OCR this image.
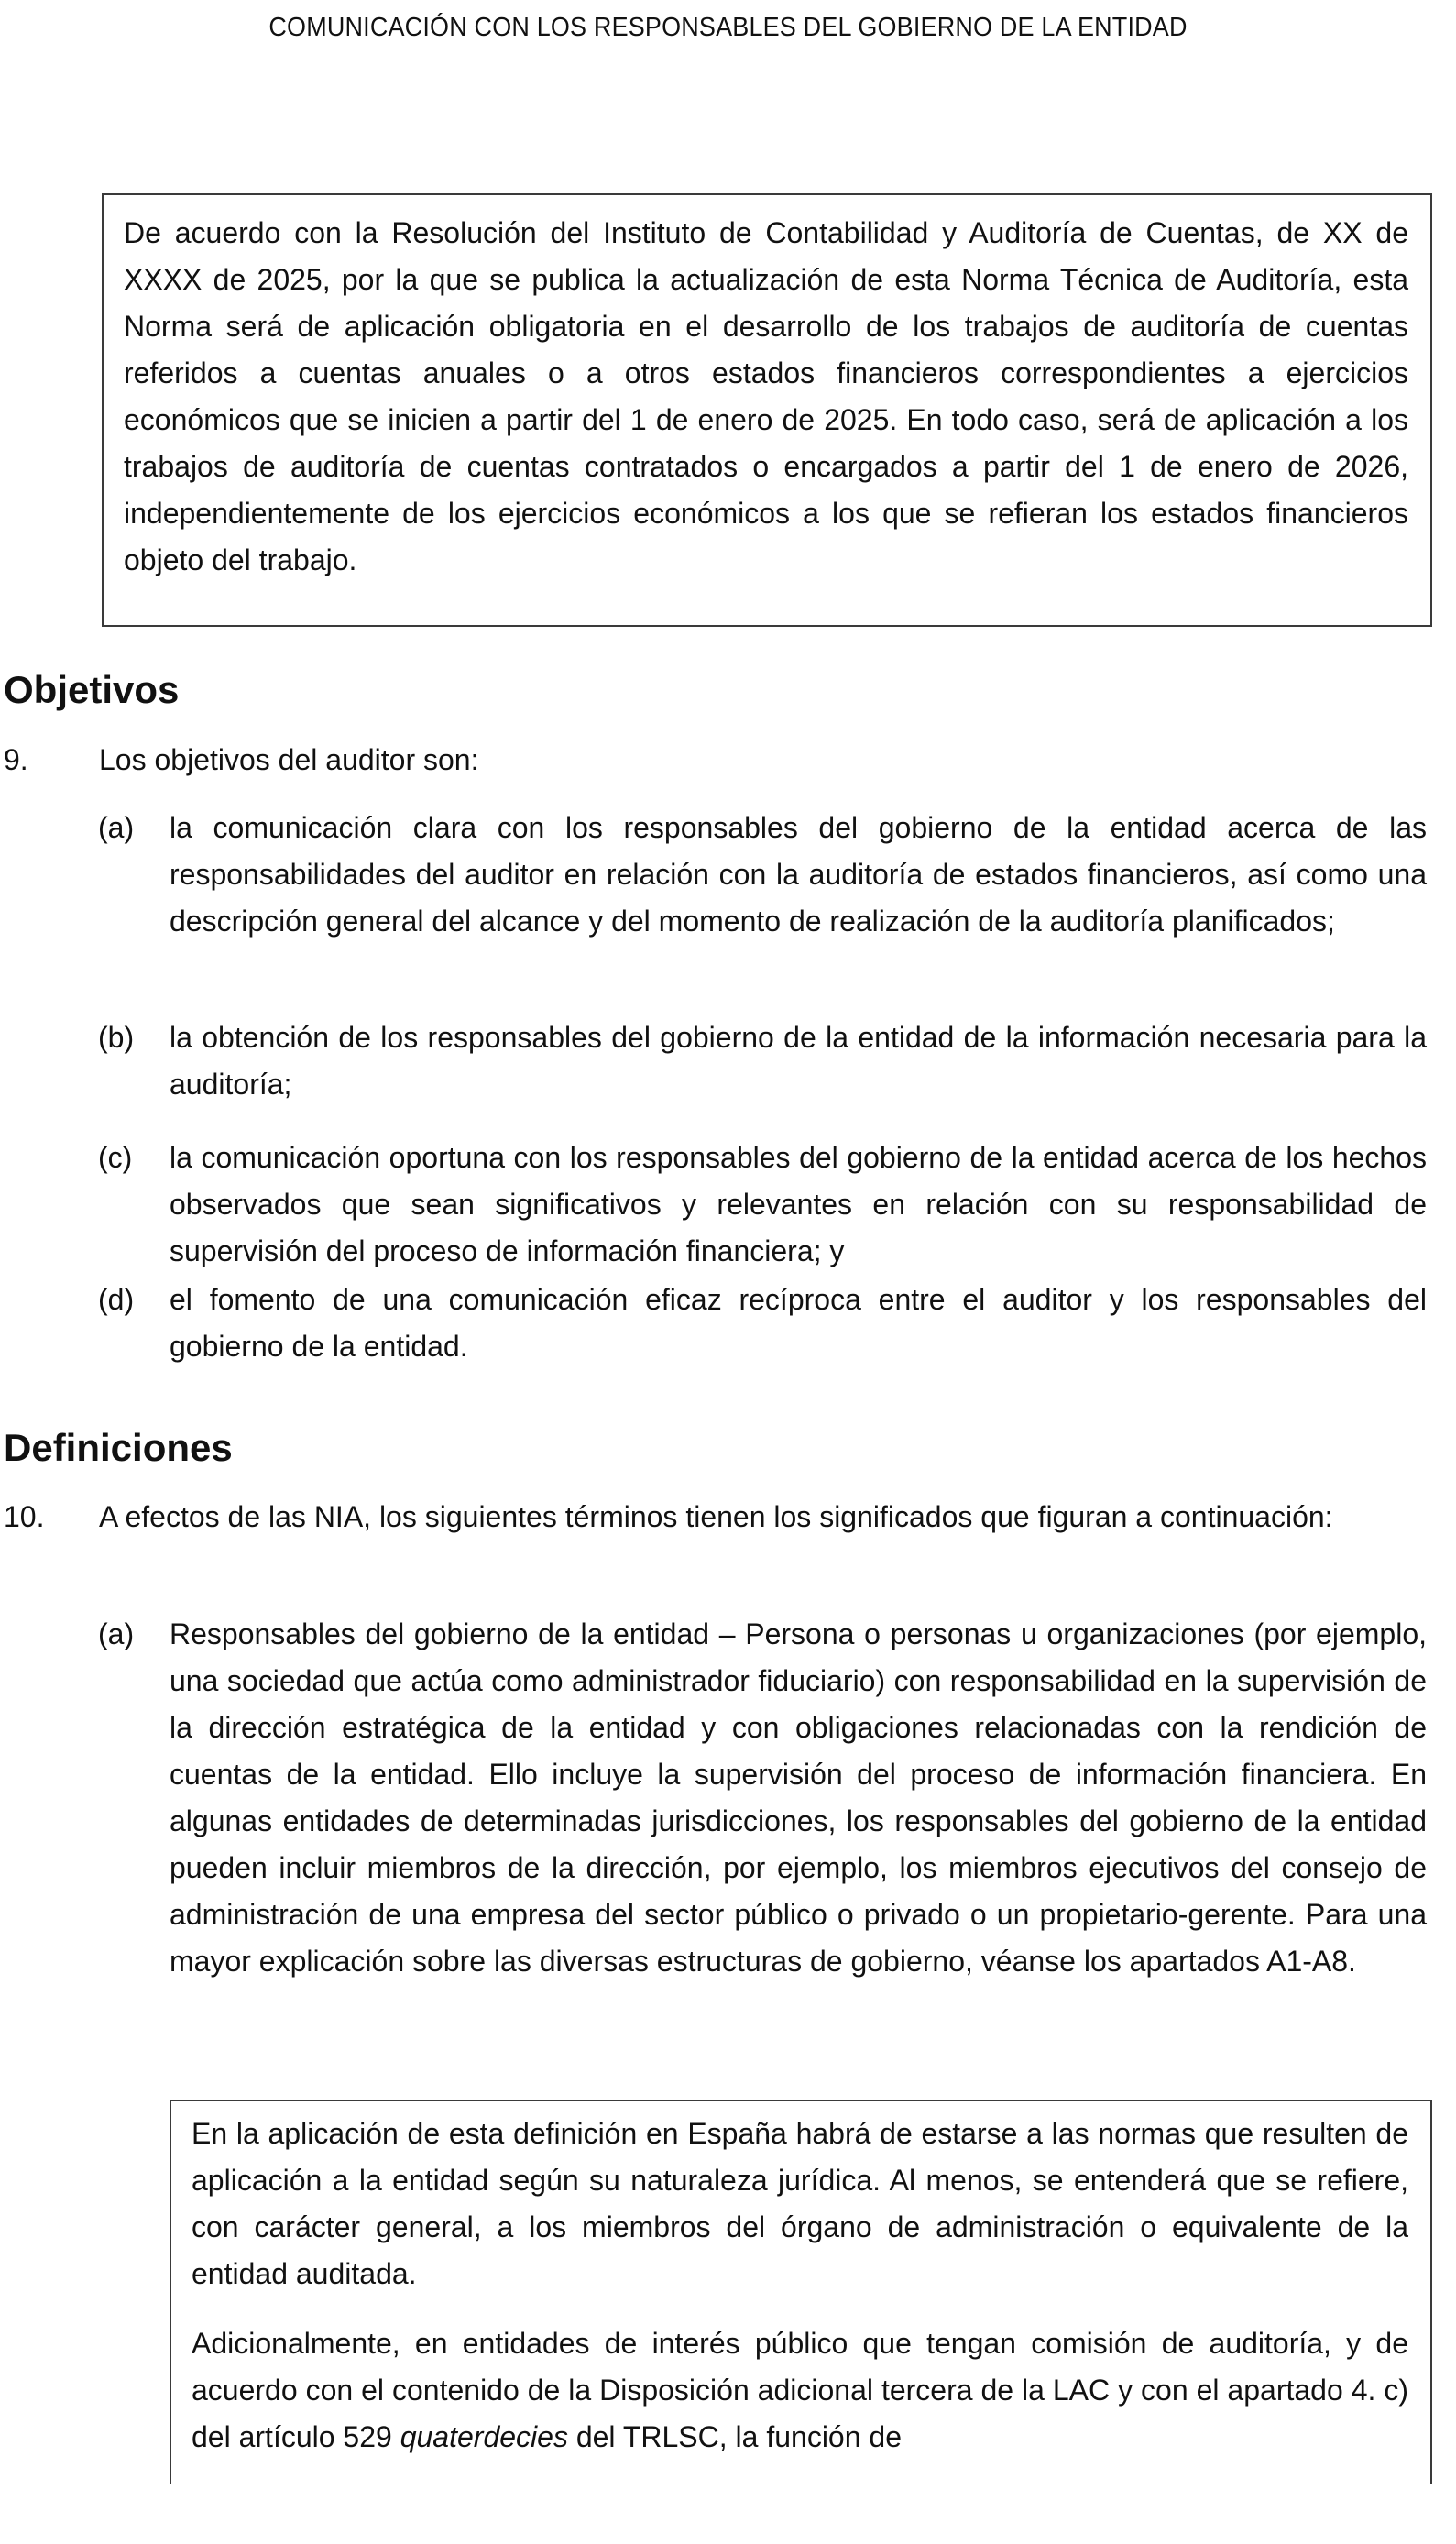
COMUNICACIÓN CON LOS RESPONSABLES DEL GOBIERNO DE LA ENTIDAD

De acuerdo con la Resolución del Instituto de Contabilidad y Auditoría de Cuentas, de XX de XXXX de 2025, por la que se publica la actualización de esta Norma Técnica de Auditoría, esta Norma será de aplicación obligatoria en el desarrollo de los trabajos de auditoría de cuentas referidos a cuentas anuales o a otros estados financieros correspondientes a ejercicios económicos que se inicien a partir del 1 de enero de 2025. En todo caso, será de aplicación a los trabajos de auditoría de cuentas contratados o encargados a partir del 1 de enero de 2026, independientemente de los ejercicios económicos a los que se refieran los estados financieros objeto del trabajo.

Objetivos
9. Los objetivos del auditor son:
(a) la comunicación clara con los responsables del gobierno de la entidad acerca de las responsabilidades del auditor en relación con la auditoría de estados financieros, así como una descripción general del alcance y del momento de realización de la auditoría planificados;
(b) la obtención de los responsables del gobierno de la entidad de la información necesaria para la auditoría;
(c) la comunicación oportuna con los responsables del gobierno de la entidad acerca de los hechos observados que sean significativos y relevantes en relación con su responsabilidad de supervisión del proceso de información financiera; y
(d) el fomento de una comunicación eficaz recíproca entre el auditor y los responsables del gobierno de la entidad.
Definiciones
10. A efectos de las NIA, los siguientes términos tienen los significados que figuran a continuación:
(a) Responsables del gobierno de la entidad – Persona o personas u organizaciones (por ejemplo, una sociedad que actúa como administrador fiduciario) con responsabilidad en la supervisión de la dirección estratégica de la entidad y con obligaciones relacionadas con la rendición de cuentas de la entidad. Ello incluye la supervisión del proceso de información financiera. En algunas entidades de determinadas jurisdicciones, los responsables del gobierno de la entidad pueden incluir miembros de la dirección, por ejemplo, los miembros ejecutivos del consejo de administración de una empresa del sector público o privado o un propietario-gerente. Para una mayor explicación sobre las diversas estructuras de gobierno, véanse los apartados A1-A8.

En la aplicación de esta definición en España habrá de estarse a las normas que resulten de aplicación a la entidad según su naturaleza jurídica. Al menos, se entenderá que se refiere, con carácter general, a los miembros del órgano de administración o equivalente de la entidad auditada.

Adicionalmente, en entidades de interés público que tengan comisión de auditoría, y de acuerdo con el contenido de la Disposición adicional tercera de la LAC y con el apartado 4. c) del artículo 529 quaterdecies del TRLSC, la función de
